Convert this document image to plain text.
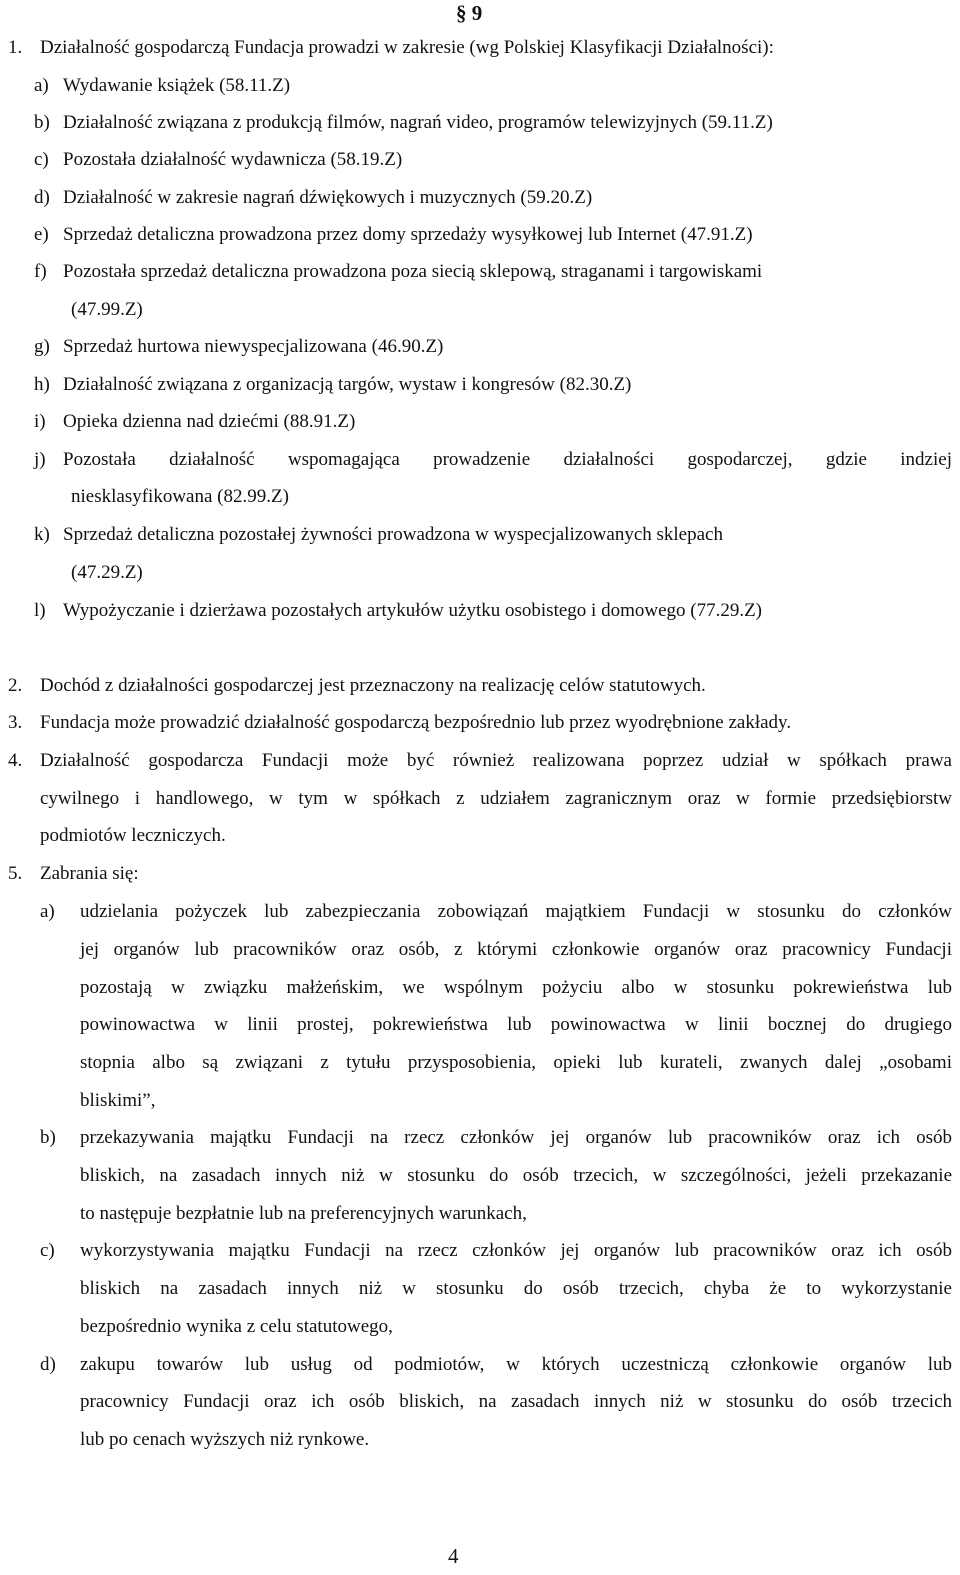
§ 9
1. Działalność gospodarczą Fundacja prowadzi w zakresie (wg Polskiej Klasyfikacji Działalności):
a) Wydawanie książek (58.11.Z)
b) Działalność związana z produkcją filmów, nagrań video, programów telewizyjnych (59.11.Z)
c) Pozostała działalność wydawnicza (58.19.Z)
d) Działalność w zakresie nagrań dźwiękowych i muzycznych (59.20.Z)
e) Sprzedaż detaliczna prowadzona przez domy sprzedaży wysyłkowej lub Internet (47.91.Z)
f) Pozostała sprzedaż detaliczna prowadzona poza siecią sklepową, straganami i targowiskami
(47.99.Z)
g) Sprzedaż hurtowa niewyspecjalizowana (46.90.Z)
h) Działalność związana z organizacją targów, wystaw i kongresów (82.30.Z)
i) Opieka dzienna nad dziećmi (88.91.Z)
j) Pozostała działalność wspomagająca prowadzenie działalności gospodarczej, gdzie indziej
niesklasyfikowana (82.99.Z)
k) Sprzedaż detaliczna pozostałej żywności prowadzona w wyspecjalizowanych sklepach
(47.29.Z)
l) Wypożyczanie i dzierżawa pozostałych artykułów użytku osobistego i domowego (77.29.Z)
2. Dochód z działalności gospodarczej jest przeznaczony na realizację celów statutowych.
3. Fundacja może prowadzić działalność gospodarczą bezpośrednio lub przez wyodrębnione zakłady.
4. Działalność gospodarcza Fundacji może być również realizowana poprzez udział w spółkach prawa
cywilnego i handlowego, w tym w spółkach z udziałem zagranicznym oraz w formie przedsiębiorstw
podmiotów leczniczych.
5. Zabrania się:
a) udzielania pożyczek lub zabezpieczania zobowiązań majątkiem Fundacji w stosunku do członków
jej organów lub pracowników oraz osób, z którymi członkowie organów oraz pracownicy Fundacji
pozostają w związku małżeńskim, we wspólnym pożyciu albo w stosunku pokrewieństwa lub
powinowactwa w linii prostej, pokrewieństwa lub powinowactwa w linii bocznej do drugiego
stopnia albo są związani z tytułu przysposobienia, opieki lub kurateli, zwanych dalej „osobami
bliskimi”,
b) przekazywania majątku Fundacji na rzecz członków jej organów lub pracowników oraz ich osób
bliskich, na zasadach innych niż w stosunku do osób trzecich, w szczególności, jeżeli przekazanie
to następuje bezpłatnie lub na preferencyjnych warunkach,
c) wykorzystywania majątku Fundacji na rzecz członków jej organów lub pracowników oraz ich osób
bliskich na zasadach innych niż w stosunku do osób trzecich, chyba że to wykorzystanie
bezpośrednio wynika z celu statutowego,
d) zakupu towarów lub usług od podmiotów, w których uczestniczą członkowie organów lub
pracownicy Fundacji oraz ich osób bliskich, na zasadach innych niż w stosunku do osób trzecich
lub po cenach wyższych niż rynkowe.
4
